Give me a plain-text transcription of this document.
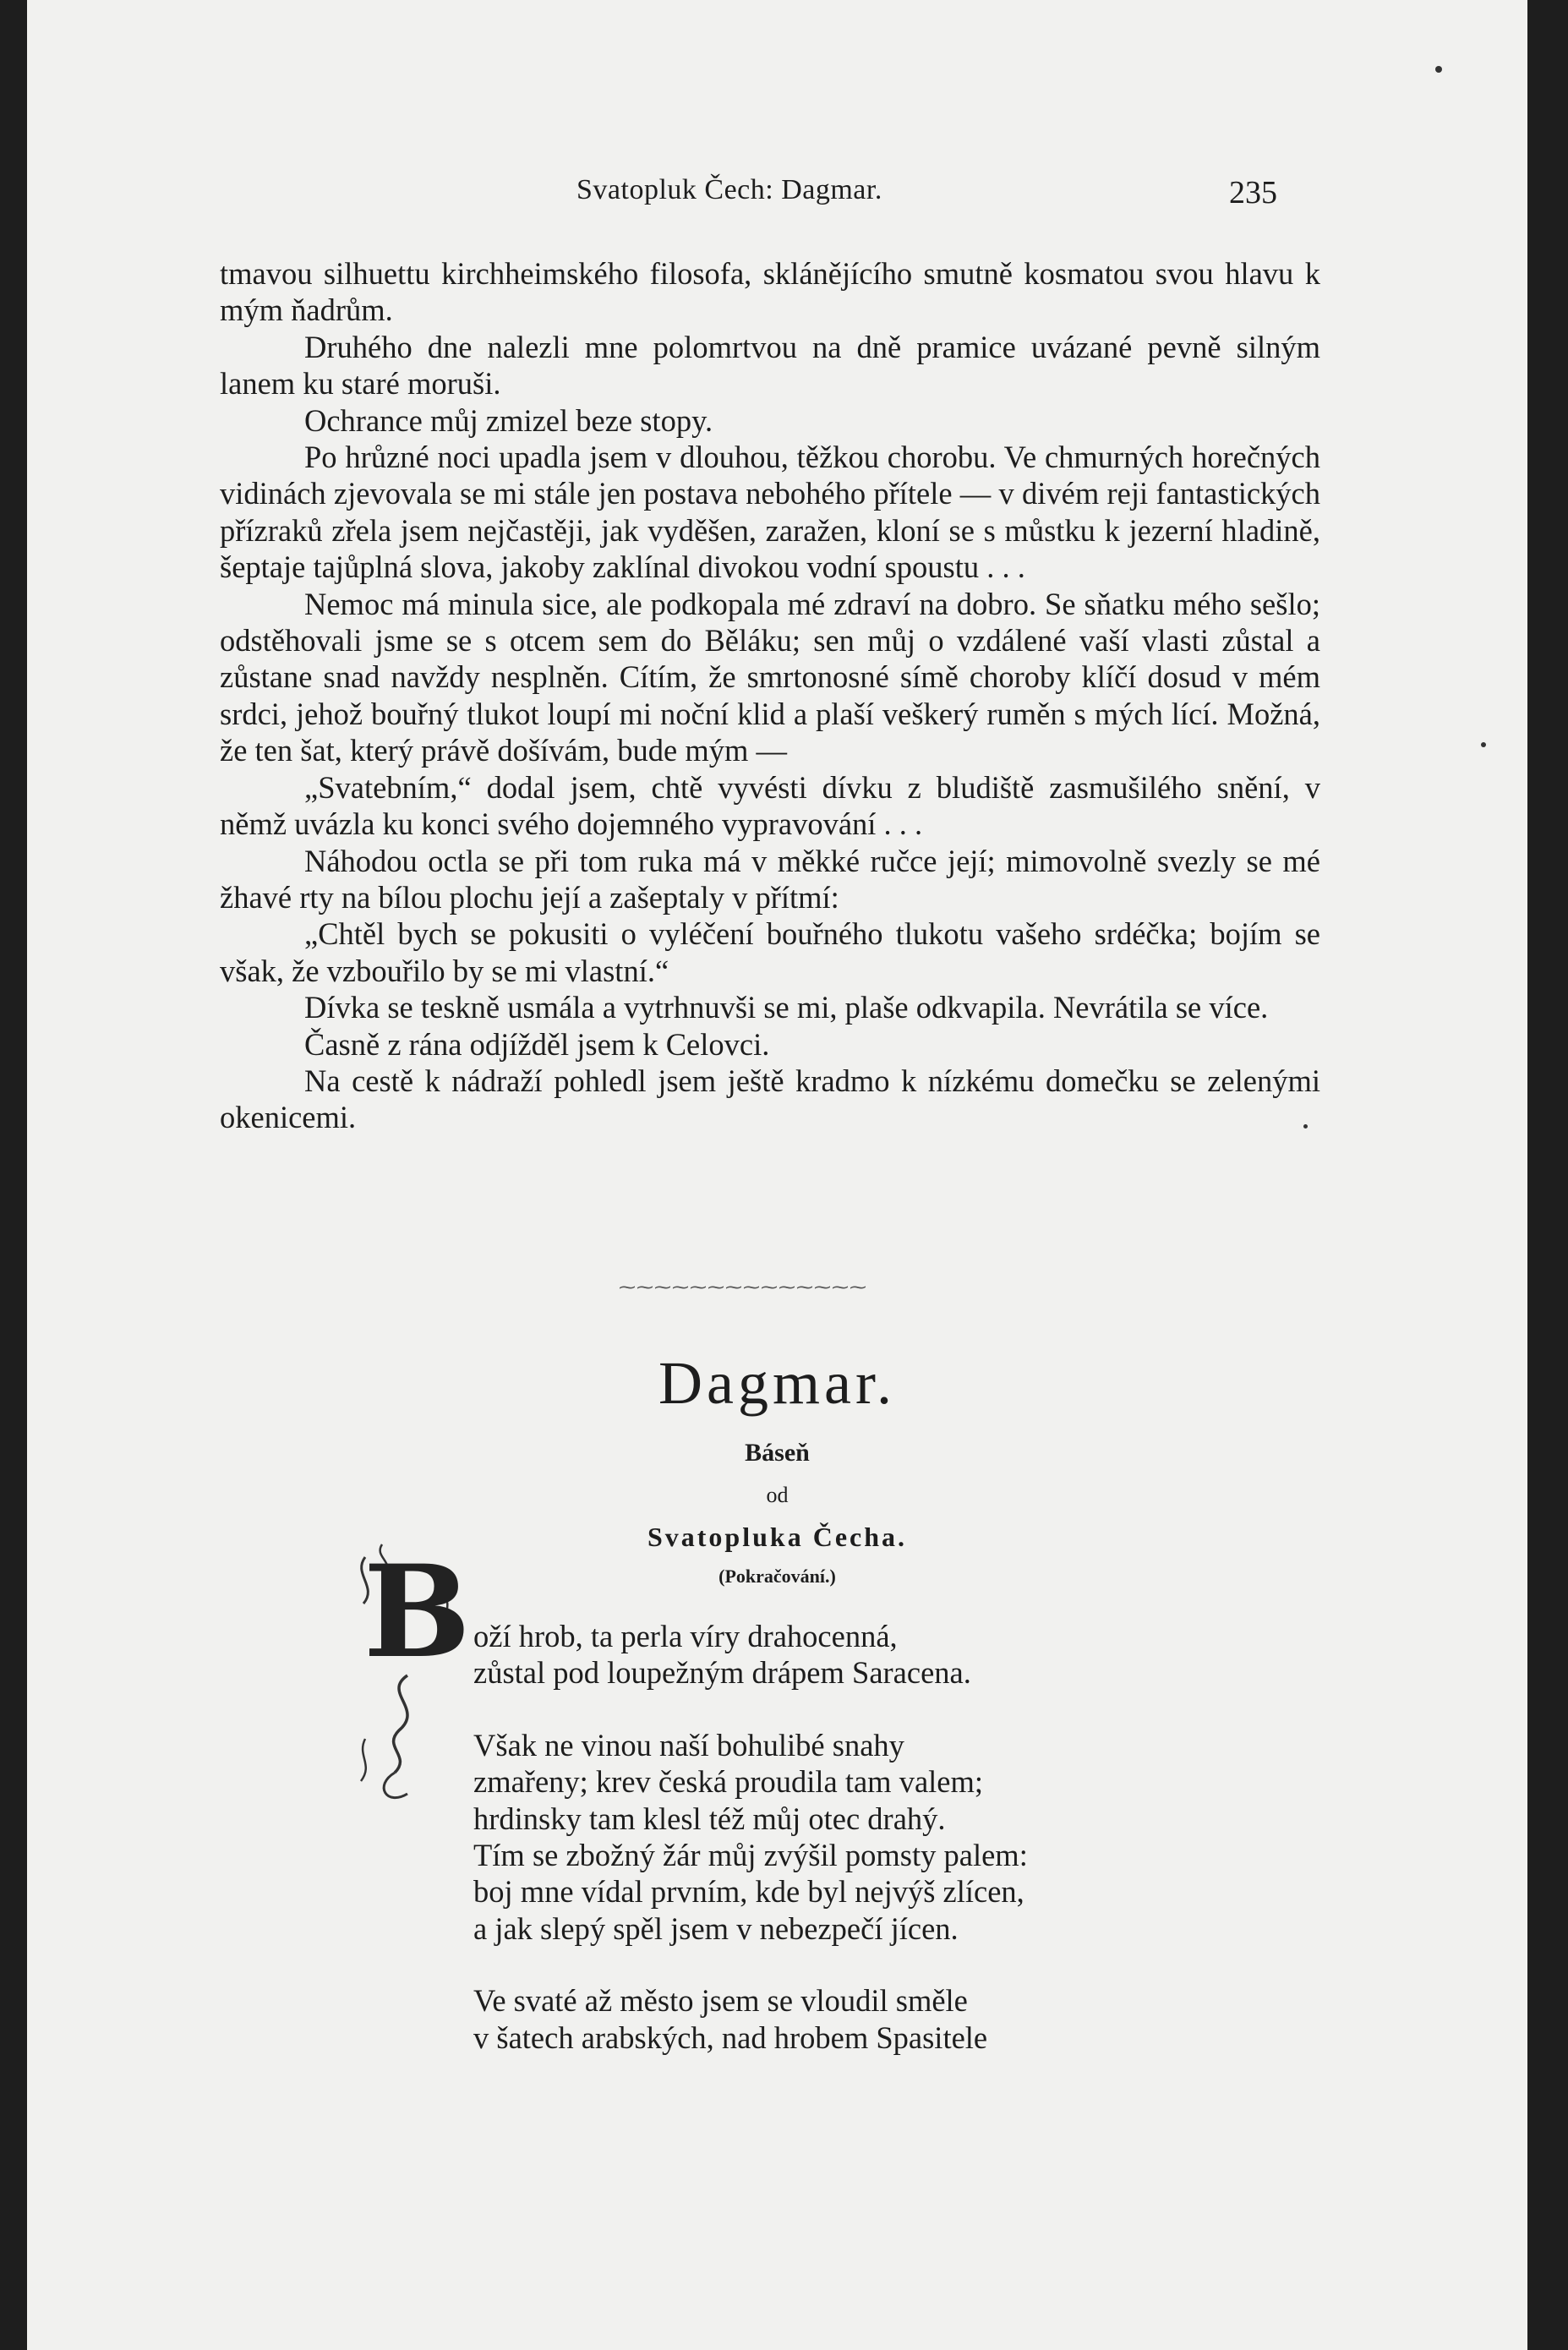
Svatopluk Čech: Dagmar.	235

tmavou silhuettu kirchheimského filosofa, sklánějícího smutně kosmatou svou hlavu k mým ňadrům.

Druhého dne nalezli mne polomrtvou na dně pramice uvázané pevně silným lanem ku staré moruši.

Ochrance můj zmizel beze stopy.

Po hrůzné noci upadla jsem v dlouhou, těžkou chorobu. Ve chmurných horečných vidinách zjevovala se mi stále jen postava nebohého přítele — v divém reji fantastických přízraků zřela jsem nejčastěji, jak vyděšen, zaražen, kloní se s můstku k jezerní hladině, šeptaje tajůplná slova, jakoby zaklínal divokou vodní spoustu . . .

Nemoc má minula sice, ale podkopala mé zdraví na dobro. Se sňatku mého sešlo; odstěhovali jsme se s otcem sem do Běláku; sen můj o vzdálené vaší vlasti zůstal a zůstane snad navždy nesplněn. Cítím, že smrtonosné símě choroby klíčí dosud v mém srdci, jehož bouřný tlukot loupí mi noční klid a plaší veškerý ruměn s mých lící. Možná, že ten šat, který právě došívám, bude mým —

„Svatebním,“ dodal jsem, chtě vyvésti dívku z bludiště zasmušilého snění, v němž uvázla ku konci svého dojemného vypravování . . .

Náhodou octla se při tom ruka má v měkké ručce její; mimovolně svezly se mé žhavé rty na bílou plochu její a zašeptaly v přítmí:

„Chtěl bych se pokusiti o vyléčení bouřného tlukotu vašeho srdéčka; bojím se však, že vzbouřilo by se mi vlastní.“

Dívka se teskně usmála a vytrhnuvši se mi, plaše odkvapila. Nevrátila se více.

Časně z rána odjížděl jsem k Celovci.

Na cestě k nádraží pohledl jsem ještě kradmo k nízkému domečku se zelenými okenicemi.

⁓⁓⁓⁓⁓⁓⁓⁓⁓⁓⁓⁓⁓⁓
Dagmar.
Báseň
od
Svatopluka Čecha.
(Pokračování.)
B oží hrob, ta perla víry drahocenná,
zůstal pod loupežným drápem Saracena.
Však ne vinou naší bohulibé snahy
zmařeny; krev česká proudila tam valem;
hrdinsky tam klesl též můj otec drahý.
Tím se zbožný žár můj zvýšil pomsty palem:
boj mne vídal prvním, kde byl nejvýš zlícen,
a jak slepý spěl jsem v nebezpečí jícen.
Ve svaté až město jsem se vloudil směle
v šatech arabských, nad hrobem Spasitele
